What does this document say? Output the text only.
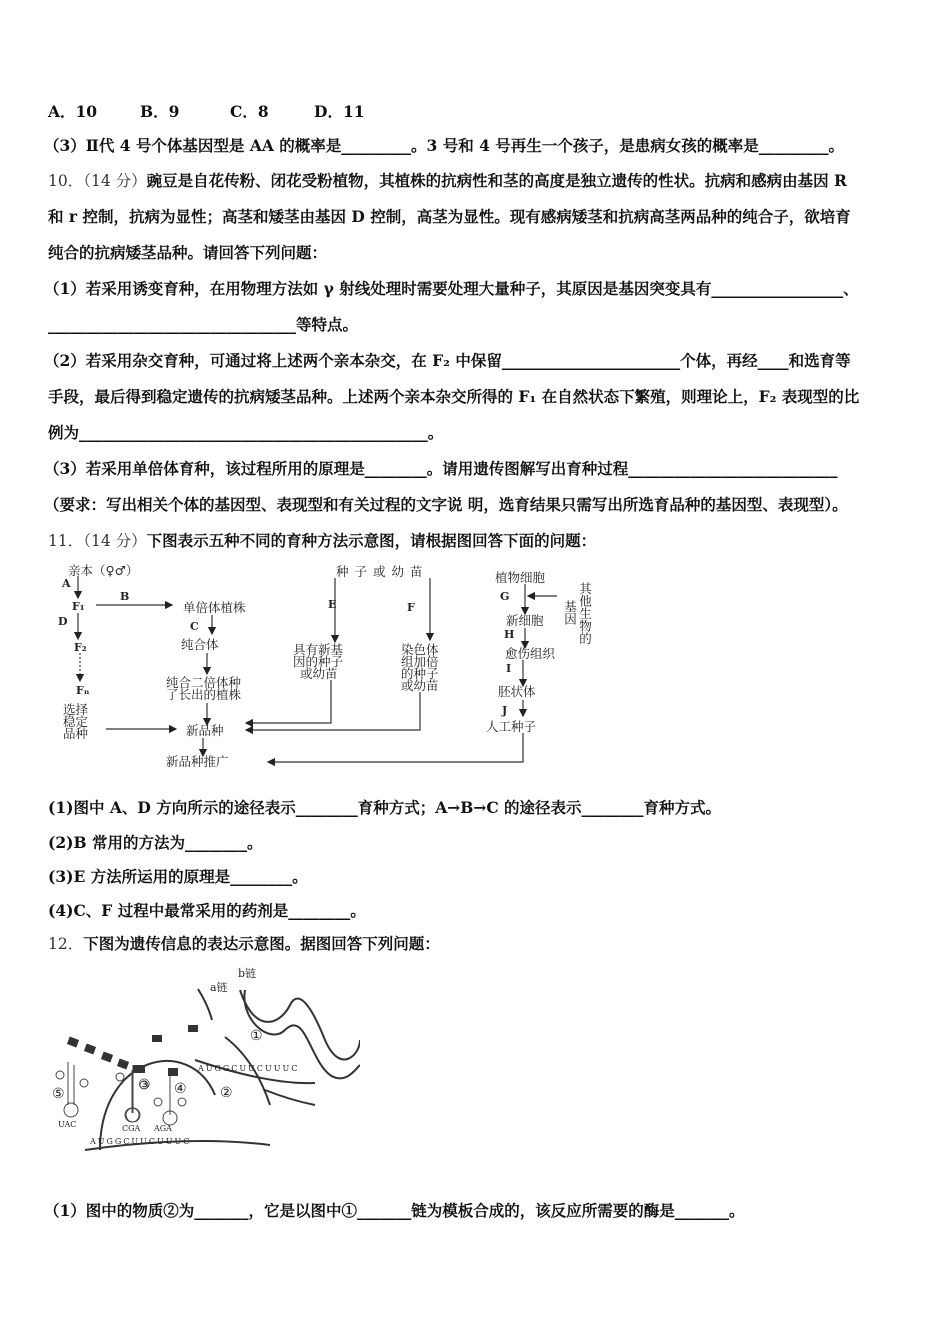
A．10	B．9	C．8	D．11
（3）Ⅱ代 4 号个体基因型是 AA 的概率是_________。3 号和 4 号再生一个孩子，是患病女孩的概率是_________。
10．（14 分）豌豆是自花传粉、闭花受粉植物，其植株的抗病性和茎的高度是独立遗传的性状。抗病和感病由基因 R
和 r 控制，抗病为显性；高茎和矮茎由基因 D 控制，高茎为显性。现有感病矮茎和抗病高茎两品种的纯合子，欲培育
纯合的抗病矮茎品种。请回答下列问题：
（1）若采用诱变育种，在用物理方法如 γ 射线处理时需要处理大量种子，其原因是基因突变具有_________________、
________________________________等特点。
（2）若采用杂交育种，可通过将上述两个亲本杂交，在 F₂ 中保留_______________________个体，再经____和选育等
手段，最后得到稳定遗传的抗病矮茎品种。上述两个亲本杂交所得的 F₁ 在自然状态下繁殖，则理论上，F₂ 表现型的比
例为_____________________________________________。
（3）若采用单倍体育种，该过程所用的原理是________。请用遗传图解写出育种过程___________________________
（要求：写出相关个体的基因型、表现型和有关过程的文字说 明，选育结果只需写出所选育品种的基因型、表现型）。
11．（14 分）下图表示五种不同的育种方法示意图，请根据图回答下面的问题：
亲本（♀♂）
A
F₁
B
D
F₂
Fₙ
选择
稳定
品种
单倍体植株
C
纯合体
纯合二倍体种
了长出的植株
新品种
新品种推广
种子或幼苗
E	F
具有新基
因的种子
或幼苗
染色体
组加倍
的种子
或幼苗
植物细胞
其他生物的
基因
G
新细胞
H
愈伤组织
I
胚状体
J
人工种子
(1)图中 A、D 方向所示的途径表示________育种方式；A→B→C 的途径表示________育种方式。
(2)B 常用的方法为________。
(3)E 方法所运用的原理是________。
(4)C、F 过程中最常采用的药剂是________。
12．下图为遗传信息的表达示意图。据图回答下列问题：
b链
a链
①
②
③ ④
⑤
AUGGCUUCUUUC
AUGGCUUCUUUC
CGA AGA
UAC
（1）图中的物质②为_______，它是以图中①_______链为模板合成的，该反应所需要的酶是_______。
